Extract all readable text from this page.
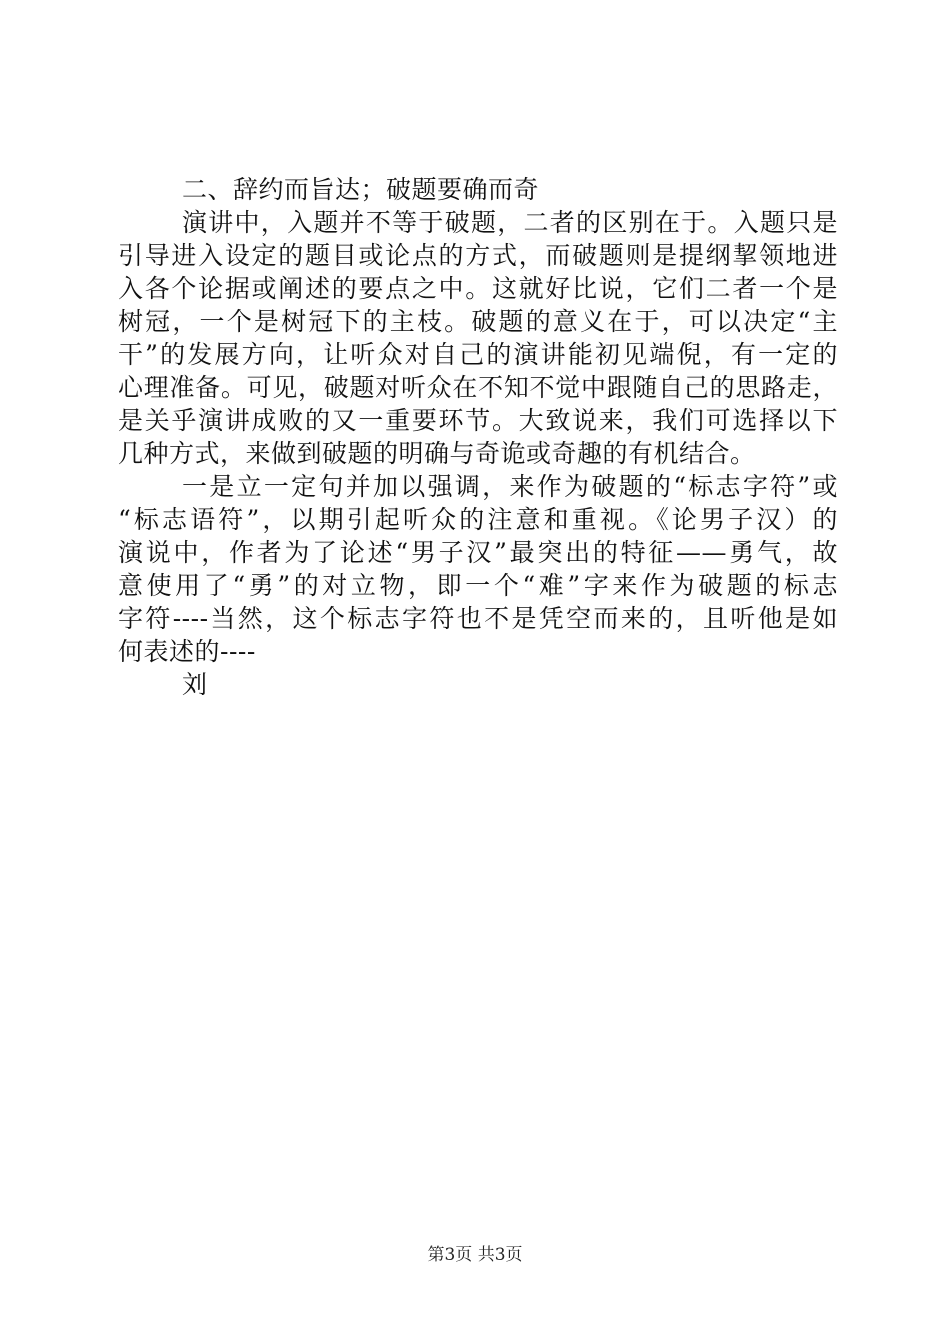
二、辞约而旨达；破题要确而奇
演讲中，入题并不等于破题，二者的区别在于。入题只是
引导进入设定的题目或论点的方式，而破题则是提纲挈领地进
入各个论据或阐述的要点之中。这就好比说，它们二者一个是
树冠，一个是树冠下的主枝。破题的意义在于，可以决定“主
干”的发展方向，让听众对自己的演讲能初见端倪，有一定的
心理准备。可见，破题对听众在不知不觉中跟随自己的思路走，
是关乎演讲成败的又一重要环节。大致说来，我们可选择以下
几种方式，来做到破题的明确与奇诡或奇趣的有机结合。
一是立一定句并加以强调，来作为破题的“标志字符”或
“标志语符”，以期引起听众的注意和重视。《论男子汉）的
演说中，作者为了论述“男子汉”最突出的特征——勇气，故
意使用了“勇”的对立物，即一个“难”字来作为破题的标志
字符----当然，这个标志字符也不是凭空而来的，且听他是如
何表述的----
刘
第3页 共3页
